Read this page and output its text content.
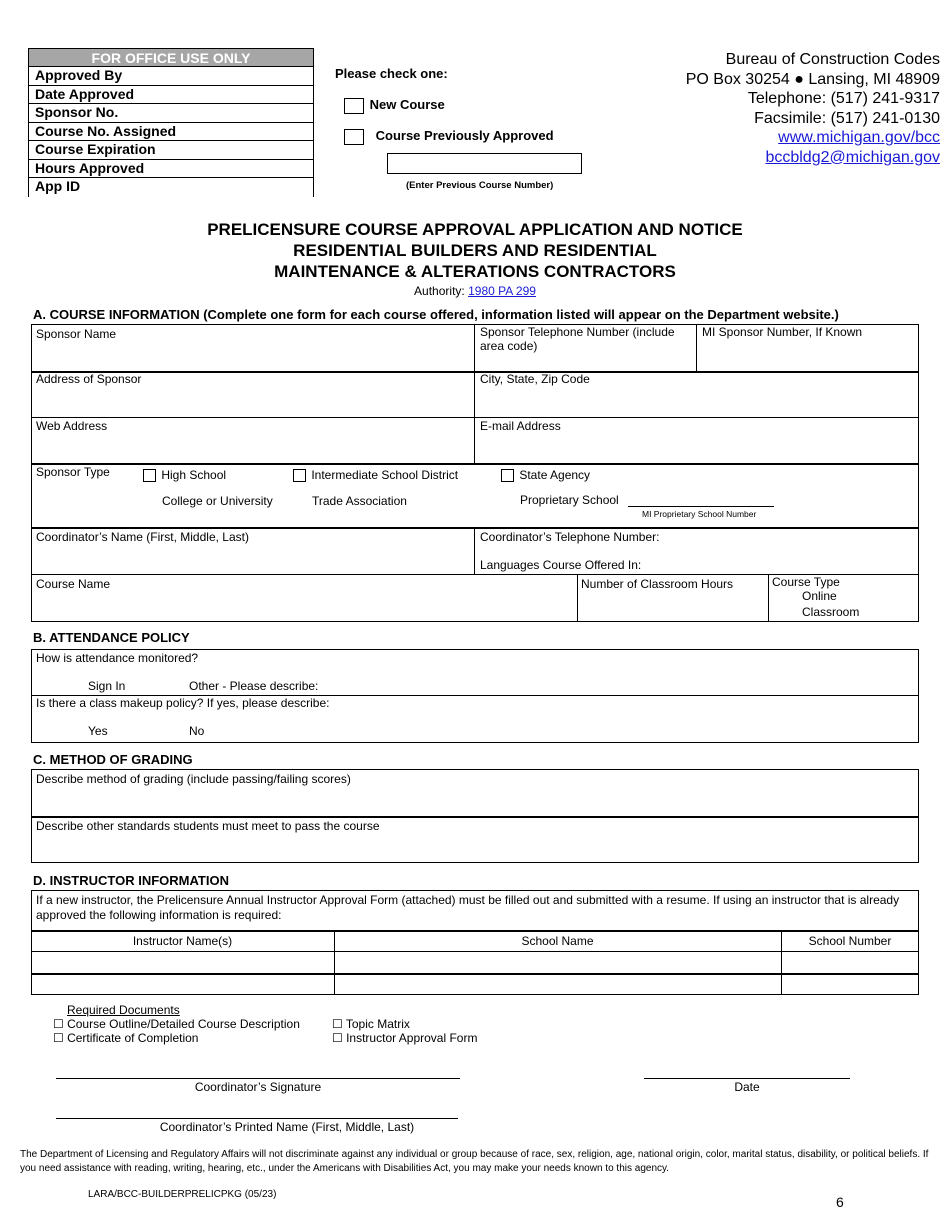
FOR OFFICE USE ONLY
Approved By
Date Approved
Sponsor No.
Course No. Assigned
Course Expiration
Hours Approved
App ID
Please check one:
New Course
Course Previously Approved
(Enter Previous Course Number)
Bureau of Construction Codes
PO Box 30254 ● Lansing, MI 48909
Telephone: (517) 241-9317
Facsimile: (517) 241-0130
www.michigan.gov/bcc
bccbldg2@michigan.gov
PRELICENSURE COURSE APPROVAL APPLICATION AND NOTICE
RESIDENTIAL BUILDERS AND RESIDENTIAL
MAINTENANCE & ALTERATIONS CONTRACTORS
Authority: 1980 PA 299
A. COURSE INFORMATION (Complete one form for each course offered, information listed will appear on the Department website.)
Sponsor Name	Sponsor Telephone Number (include area code)
MI Sponsor Number, If Known
Address of Sponsor	City, State, Zip Code
Web Address	E-mail Address
Sponsor Type	High School	Intermediate School District	State Agency
College or University	Trade Association	Proprietary School
MI Proprietary School Number
Coordinator’s Name (First, Middle, Last)	Coordinator’s Telephone Number:
Languages Course Offered In:
Course Name	Number of Classroom Hours	Course Type
Online
Classroom
B. ATTENDANCE POLICY
How is attendance monitored?
Sign In	Other - Please describe:
Is there a class makeup policy? If yes, please describe:
Yes	No
C. METHOD OF GRADING
Describe method of grading (include passing/failing scores)
Describe other standards students must meet to pass the course
D. INSTRUCTOR INFORMATION
If a new instructor, the Prelicensure Annual Instructor Approval Form (attached) must be filled out and submitted with a resume. If using an instructor that is already approved the following information is required:
Instructor Name(s)	School Name	School Number
Required Documents
☐ Course Outline/Detailed Course Description	☐ Topic Matrix
☐ Certificate of Completion	☐ Instructor Approval Form
Coordinator’s Signature	Date
Coordinator’s Printed Name (First, Middle, Last)
The Department of Licensing and Regulatory Affairs will not discriminate against any individual or group because of race, sex, religion, age, national origin, color, marital status, disability, or political beliefs. If you need assistance with reading, writing, hearing, etc., under the Americans with Disabilities Act, you may make your needs known to this agency.
LARA/BCC-BUILDERPRELICPKG (05/23)	6
